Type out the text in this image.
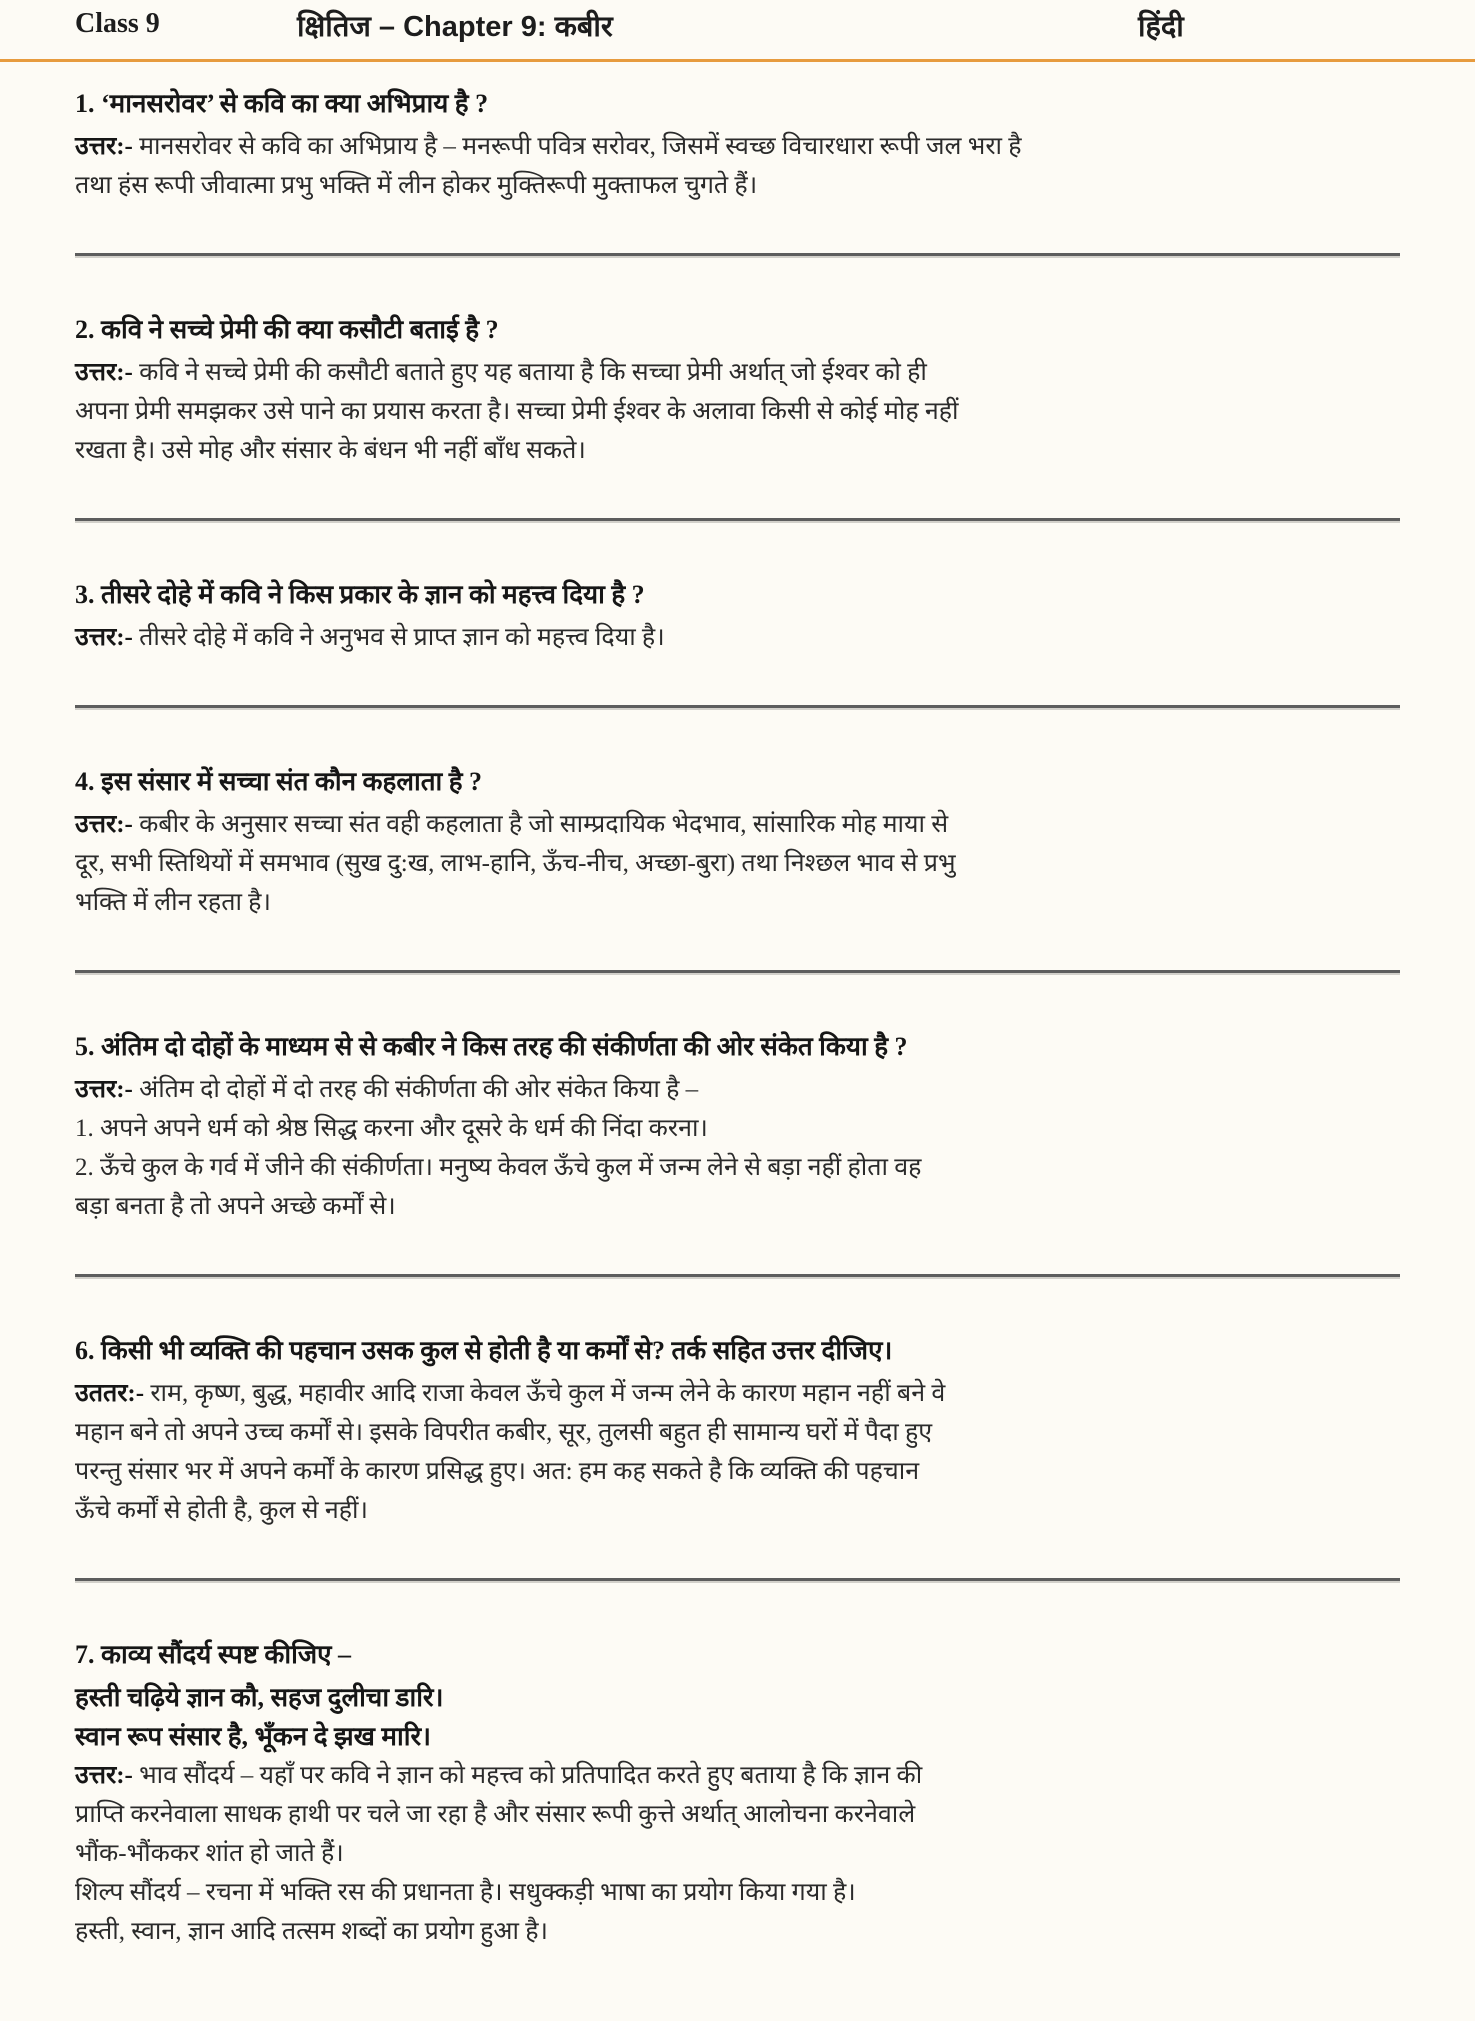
Class 9	क्षितिज – Chapter 9: कबीर	हिंदी
1. ‘मानसरोवर’ से कवि का क्या अभिप्राय है ?

उत्तर:- मानसरोवर से कवि का अभिप्राय है – मनरूपी पवित्र सरोवर, जिसमें स्वच्छ विचारधारा रूपी जल भरा है

तथा हंस रूपी जीवात्मा प्रभु भक्ति में लीन होकर मुक्तिरूपी मुक्ताफल चुगते हैं।

2. कवि ने सच्चे प्रेमी की क्या कसौटी बताई है ?

उत्तर:- कवि ने सच्चे प्रेमी की कसौटी बताते हुए यह बताया है कि सच्चा प्रेमी अर्थात् जो ईश्वर को ही

अपना प्रेमी समझकर उसे पाने का प्रयास करता है। सच्चा प्रेमी ईश्वर के अलावा किसी से कोई मोह नहीं

रखता है। उसे मोह और संसार के बंधन भी नहीं बाँध सकते।

3. तीसरे दोहे में कवि ने किस प्रकार के ज्ञान को महत्त्व दिया है ?

उत्तर:- तीसरे दोहे में कवि ने अनुभव से प्राप्त ज्ञान को महत्त्व दिया है।

4. इस संसार में सच्चा संत कौन कहलाता है ?

उत्तर:- कबीर के अनुसार सच्चा संत वही कहलाता है जो साम्प्रदायिक भेदभाव, सांसारिक मोह माया से

दूर, सभी स्तिथियों में समभाव (सुख दु:ख, लाभ-हानि, ऊँच-नीच, अच्छा-बुरा) तथा निश्छल भाव से प्रभु

भक्ति में लीन रहता है।

5. अंतिम दो दोहों के माध्यम से से कबीर ने किस तरह की संकीर्णता की ओर संकेत किया है ?

उत्तर:- अंतिम दो दोहों में दो तरह की संकीर्णता की ओर संकेत किया है –

1. अपने अपने धर्म को श्रेष्ठ सिद्ध करना और दूसरे के धर्म की निंदा करना।

2. ऊँचे कुल के गर्व में जीने की संकीर्णता। मनुष्य केवल ऊँचे कुल में जन्म लेने से बड़ा नहीं होता वह

बड़ा बनता है तो अपने अच्छे कर्मों से।

6. किसी भी व्यक्ति की पहचान उसक कुल से होती है या कर्मों से? तर्क सहित उत्तर दीजिए।

उततर:- राम, कृष्ण, बुद्ध, महावीर आदि राजा केवल ऊँचे कुल में जन्म लेने के कारण महान नहीं बने वे

महान बने तो अपने उच्च कर्मों से। इसके विपरीत कबीर, सूर, तुलसी बहुत ही सामान्य घरों में पैदा हुए

परन्तु संसार भर में अपने कर्मों के कारण प्रसिद्ध हुए। अत: हम कह सकते है कि व्यक्ति की पहचान

ऊँचे कर्मों से होती है, कुल से नहीं।

7. काव्य सौंदर्य स्पष्ट कीजिए –

हस्ती चढ़िये ज्ञान कौ, सहज दुलीचा डारि।

स्वान रूप संसार है, भूँकन दे झख मारि।

उत्तर:- भाव सौंदर्य – यहाँ पर कवि ने ज्ञान को महत्त्व को प्रतिपादित करते हुए बताया है कि ज्ञान की

प्राप्ति करनेवाला साधक हाथी पर चले जा रहा है और संसार रूपी कुत्ते अर्थात् आलोचना करनेवाले

भौंक-भौंककर शांत हो जाते हैं।

शिल्प सौंदर्य – रचना में भक्ति रस की प्रधानता है। सधुक्कड़ी भाषा का प्रयोग किया गया है।

हस्ती, स्वान, ज्ञान आदि तत्सम शब्दों का प्रयोग हुआ है।
